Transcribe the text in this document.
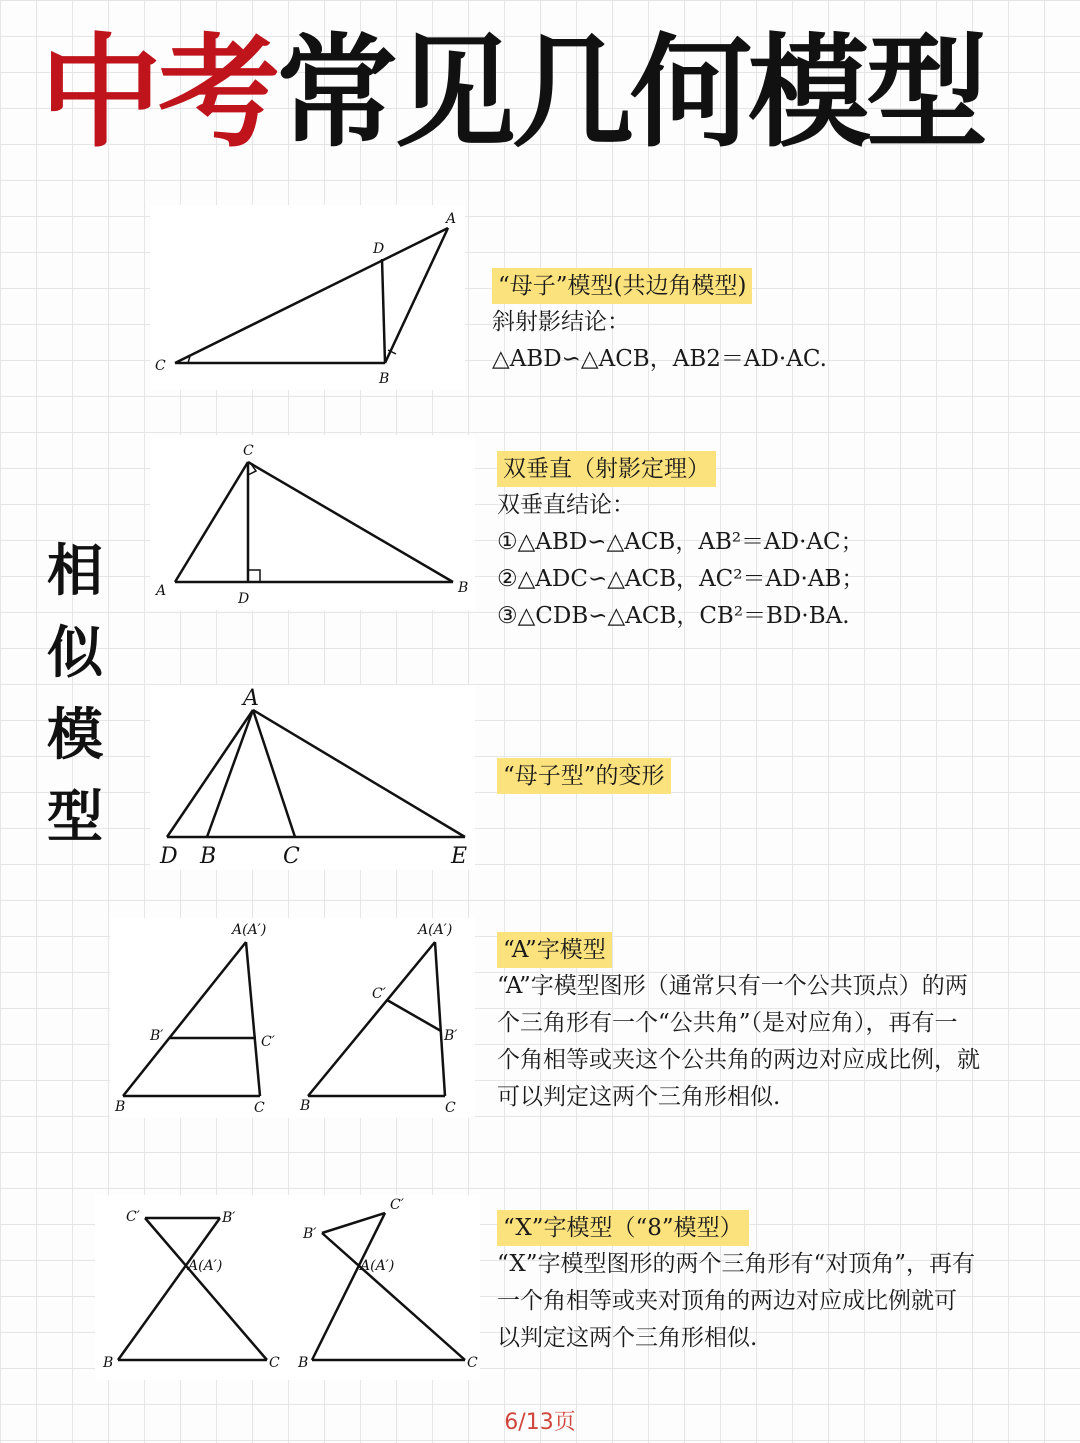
中考常见几何模型
相
似
模
型
A
D
C
B
C
A	D
B
A
D B	C	E
A(A′)
B′	C′
B	C
A(A′)
C′
B′
B	C
C′	B′
A(A′)
B	C
C′
B′
A(A′)
B	C
“母子”模型(共边角模型)
斜射影结论：
△ABD∽△ACB，AB2＝AD·AC.
双垂直（射影定理）
双垂直结论：
①△ABD∽△ACB，AB²＝AD·AC；
②△ADC∽△ACB，AC²＝AD·AB；
③△CDB∽△ACB，CB²＝BD·BA.
“母子型”的变形
“A”字模型
“A”字模型图形（通常只有一个公共顶点）的两
个三角形有一个“公共角”（是对应角），再有一
个角相等或夹这个公共角的两边对应成比例，就
可以判定这两个三角形相似.
“X”字模型（“8”模型）
“X”字模型图形的两个三角形有“对顶角”，再有
一个角相等或夹对顶角的两边对应成比例就可
以判定这两个三角形相似.
6/13页
